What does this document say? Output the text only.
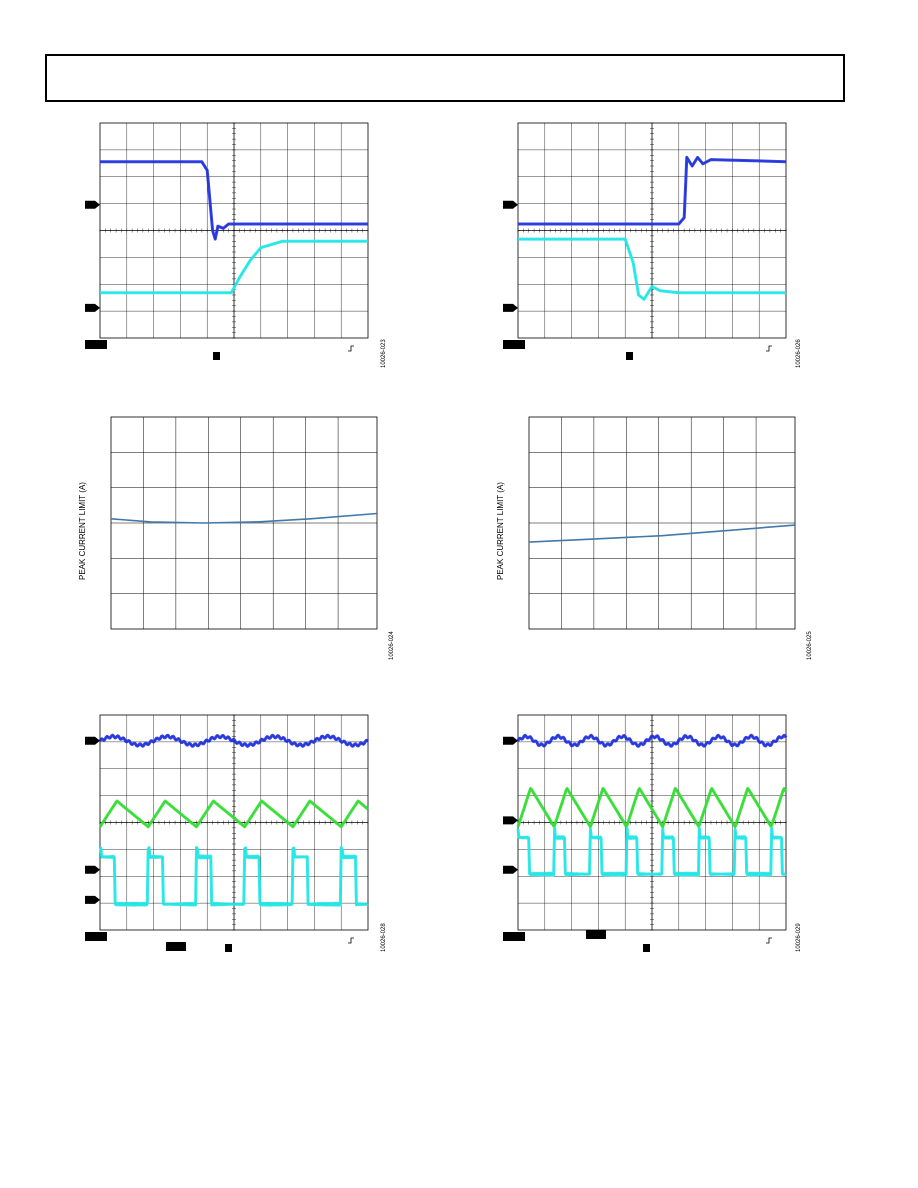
10026-023	10026-026
PEAK CURRENT LIMIT (A)
10026-024
PEAK CURRENT LIMIT (A)
10026-025
10026-028	10026-029
